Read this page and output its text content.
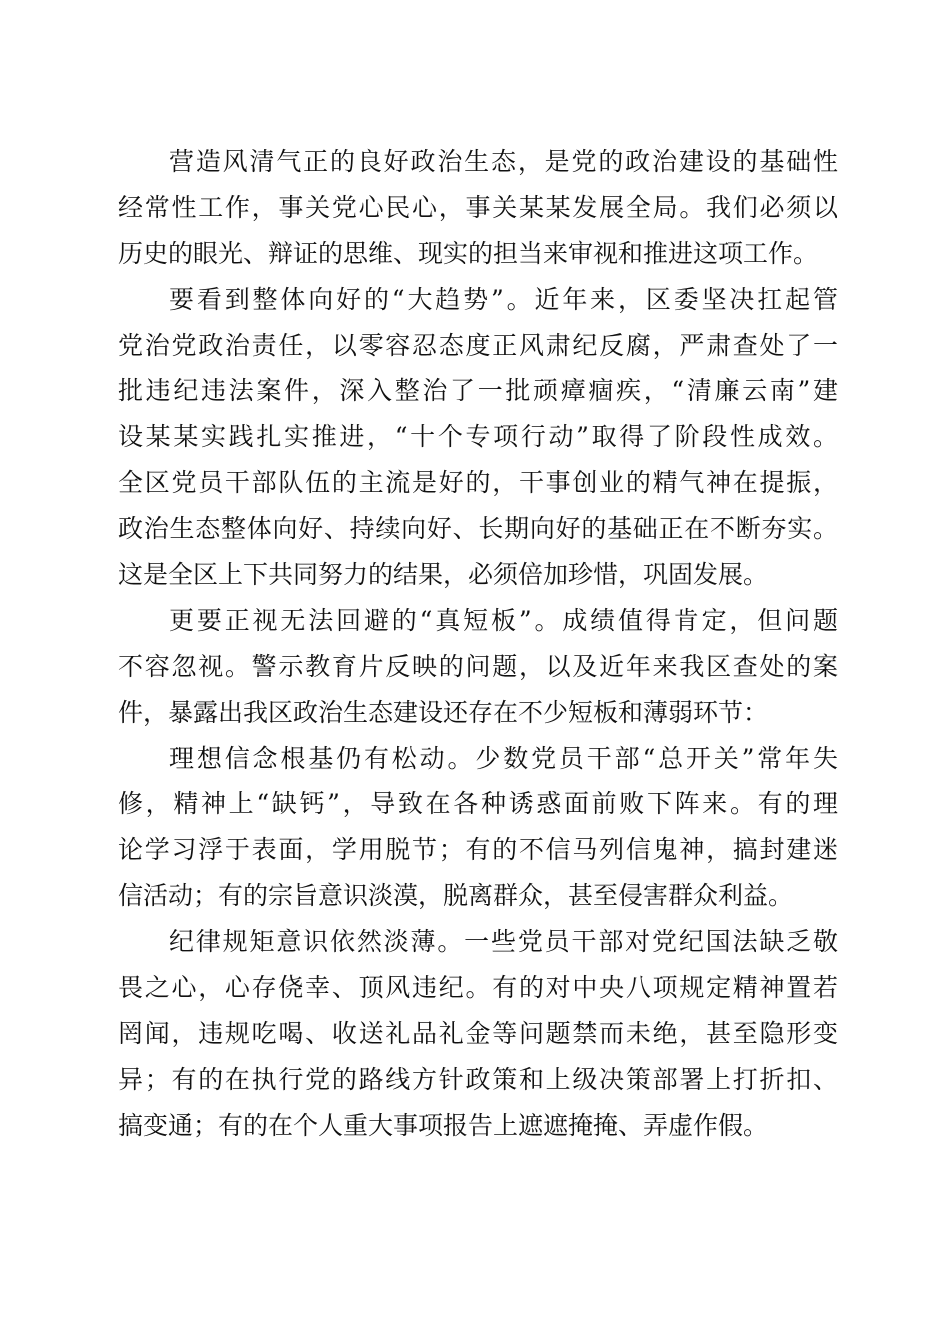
营造风清气正的良好政治生态，是党的政治建设的基础性
经常性工作，事关党心民心，事关某某发展全局。我们必须以
历史的眼光、辩证的思维、现实的担当来审视和推进这项工作。
要看到整体向好的“大趋势”。近年来，区委坚决扛起管
党治党政治责任，以零容忍态度正风肃纪反腐，严肃查处了一
批违纪违法案件，深入整治了一批顽瘴痼疾，“清廉云南”建
设某某实践扎实推进，“十个专项行动”取得了阶段性成效。
全区党员干部队伍的主流是好的，干事创业的精气神在提振，
政治生态整体向好、持续向好、长期向好的基础正在不断夯实。
这是全区上下共同努力的结果，必须倍加珍惜，巩固发展。
更要正视无法回避的“真短板”。成绩值得肯定，但问题
不容忽视。警示教育片反映的问题，以及近年来我区查处的案
件，暴露出我区政治生态建设还存在不少短板和薄弱环节：
理想信念根基仍有松动。少数党员干部“总开关”常年失
修，精神上“缺钙”，导致在各种诱惑面前败下阵来。有的理
论学习浮于表面，学用脱节；有的不信马列信鬼神，搞封建迷
信活动；有的宗旨意识淡漠，脱离群众，甚至侵害群众利益。
纪律规矩意识依然淡薄。一些党员干部对党纪国法缺乏敬
畏之心，心存侥幸、顶风违纪。有的对中央八项规定精神置若
罔闻，违规吃喝、收送礼品礼金等问题禁而未绝，甚至隐形变
异；有的在执行党的路线方针政策和上级决策部署上打折扣、
搞变通；有的在个人重大事项报告上遮遮掩掩、弄虚作假。
